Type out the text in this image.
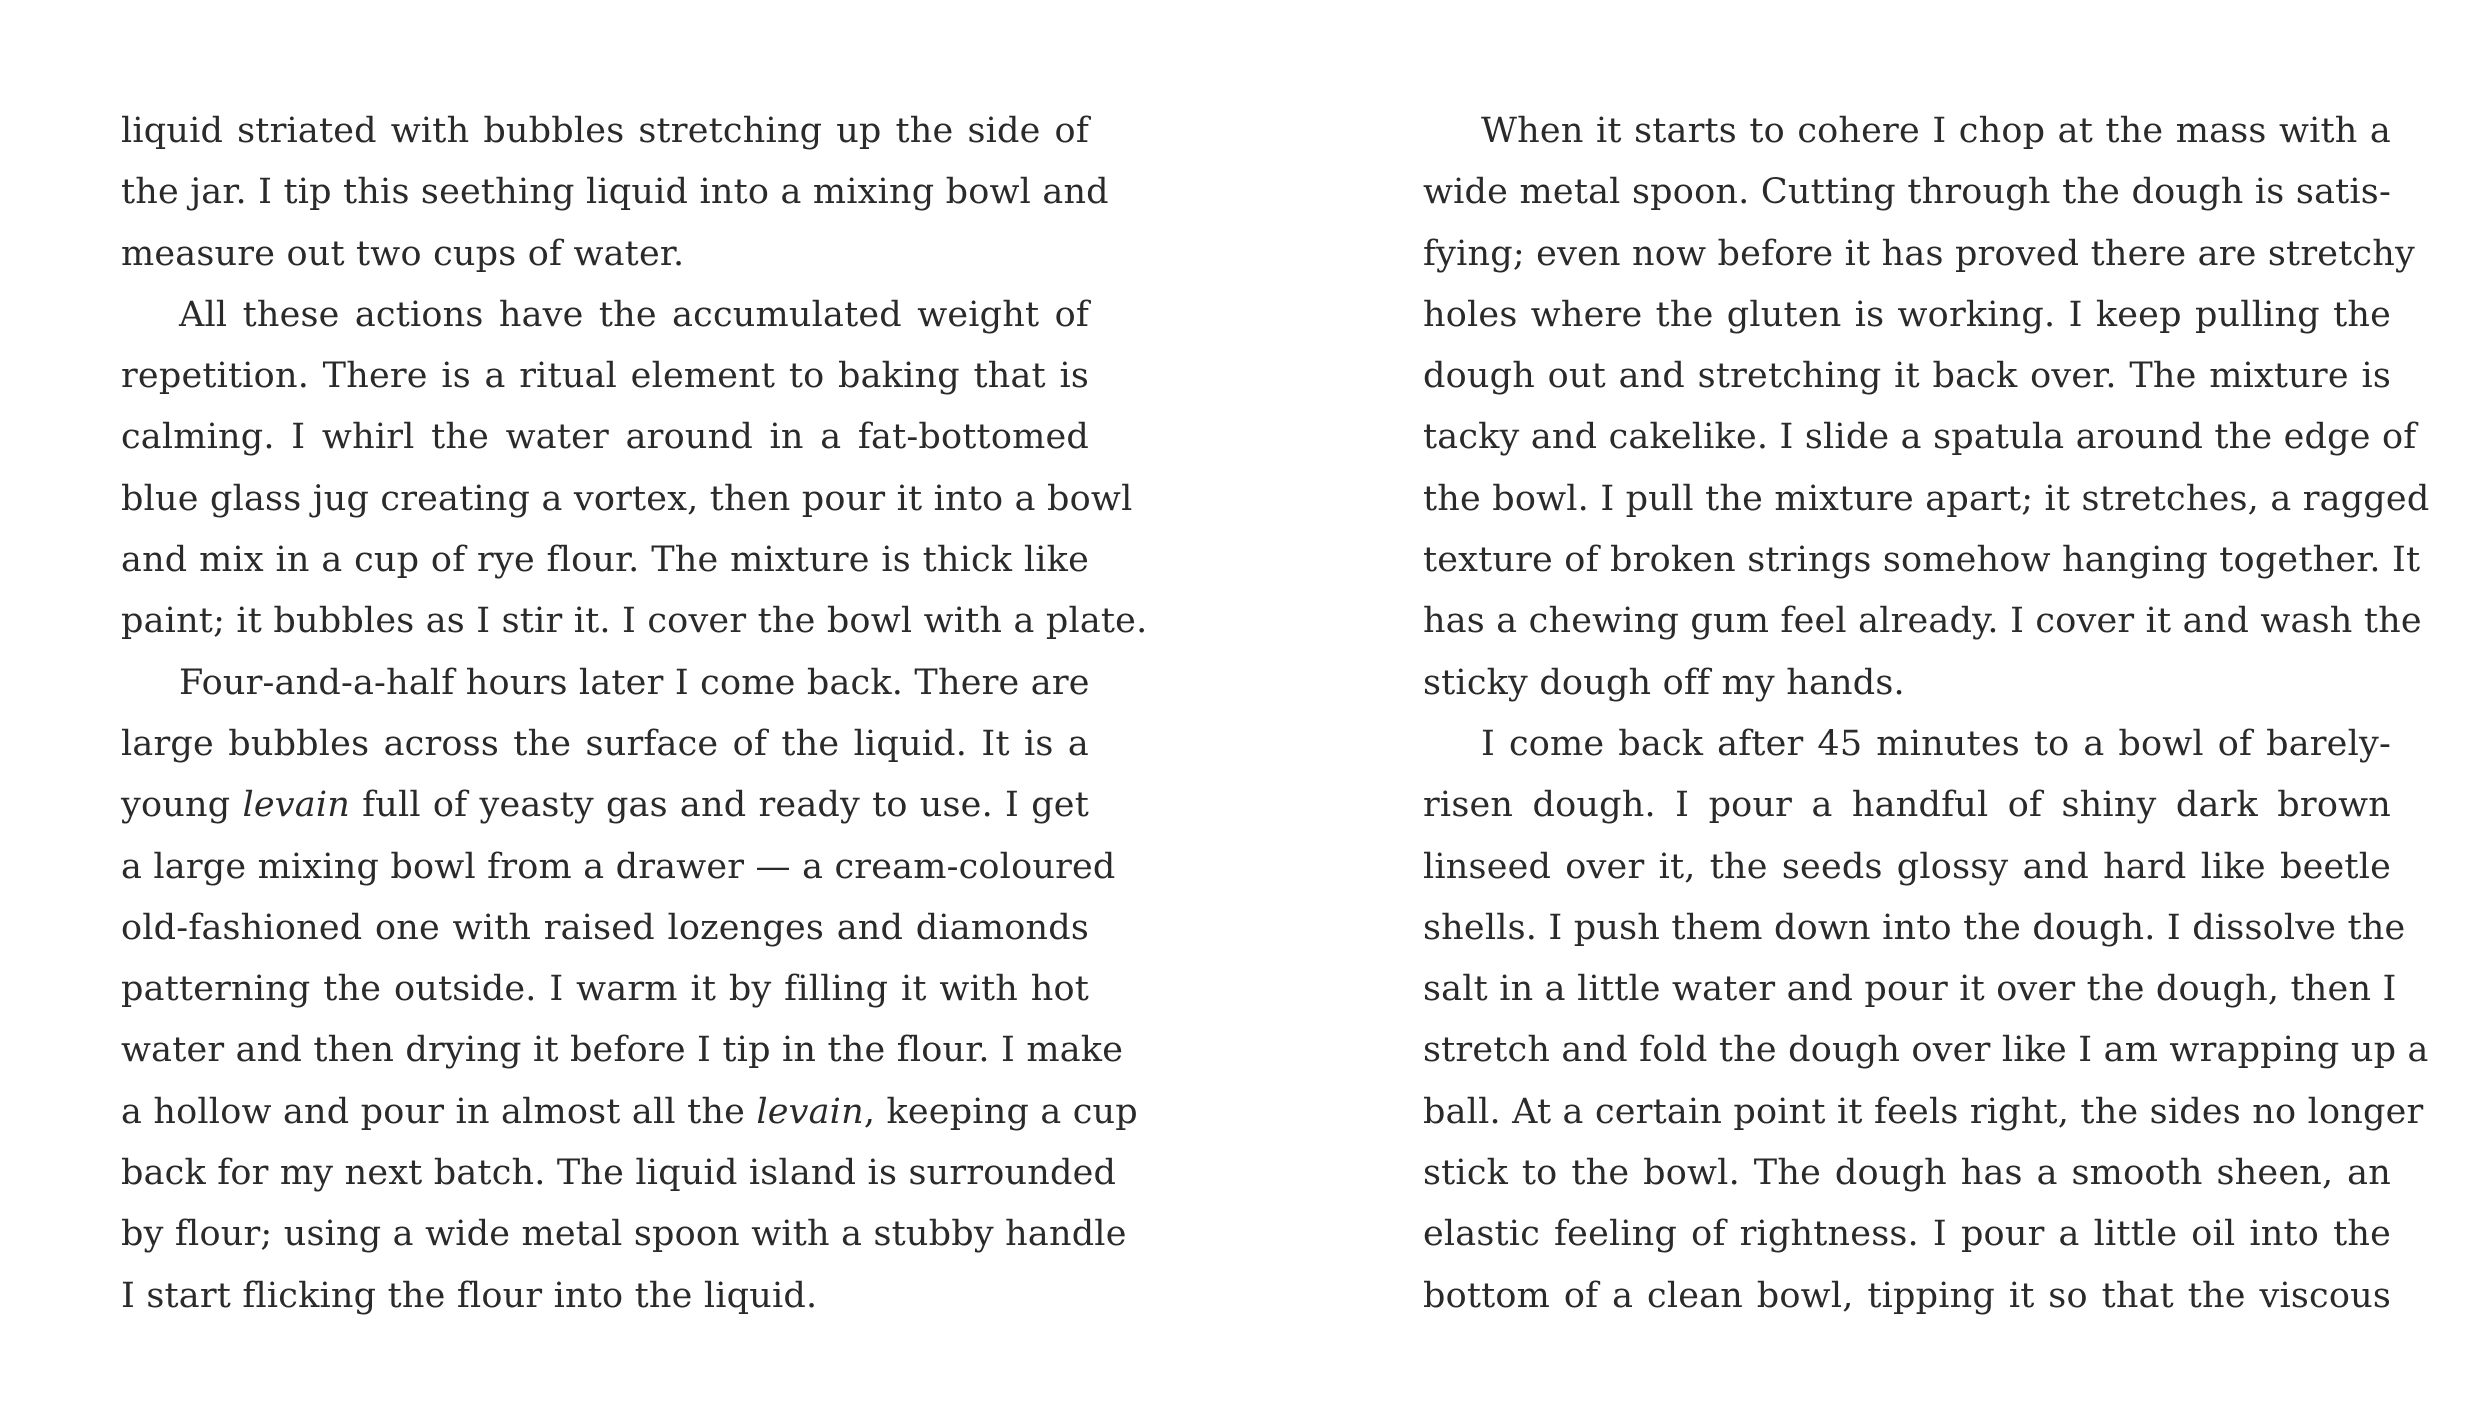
liquid striated with bubbles stretching up the side of
the jar. I tip this seething liquid into a mixing bowl and
measure out two cups of water.
All these actions have the accumulated weight of
repetition. There is a ritual element to baking that is
calming. I whirl the water around in a fat-bottomed
blue glass jug creating a vortex, then pour it into a bowl
and mix in a cup of rye flour. The mixture is thick like
paint; it bubbles as I stir it. I cover the bowl with a plate.
Four-and-a-half hours later I come back. There are
large bubbles across the surface of the liquid. It is a
young levain full of yeasty gas and ready to use. I get
a large mixing bowl from a drawer — a cream-coloured
old-fashioned one with raised lozenges and diamonds
patterning the outside. I warm it by filling it with hot
water and then drying it before I tip in the flour. I make
a hollow and pour in almost all the levain, keeping a cup
back for my next batch. The liquid island is surrounded
by flour; using a wide metal spoon with a stubby handle
I start flicking the flour into the liquid.
When it starts to cohere I chop at the mass with a
wide metal spoon. Cutting through the dough is satis-
fying; even now before it has proved there are stretchy
holes where the gluten is working. I keep pulling the
dough out and stretching it back over. The mixture is
tacky and cakelike. I slide a spatula around the edge of
the bowl. I pull the mixture apart; it stretches, a ragged
texture of broken strings somehow hanging together. It
has a chewing gum feel already. I cover it and wash the
sticky dough off my hands.
I come back after 45 minutes to a bowl of barely-
risen dough. I pour a handful of shiny dark brown
linseed over it, the seeds glossy and hard like beetle
shells. I push them down into the dough. I dissolve the
salt in a little water and pour it over the dough, then I
stretch and fold the dough over like I am wrapping up a
ball. At a certain point it feels right, the sides no longer
stick to the bowl. The dough has a smooth sheen, an
elastic feeling of rightness. I pour a little oil into the
bottom of a clean bowl, tipping it so that the viscous
